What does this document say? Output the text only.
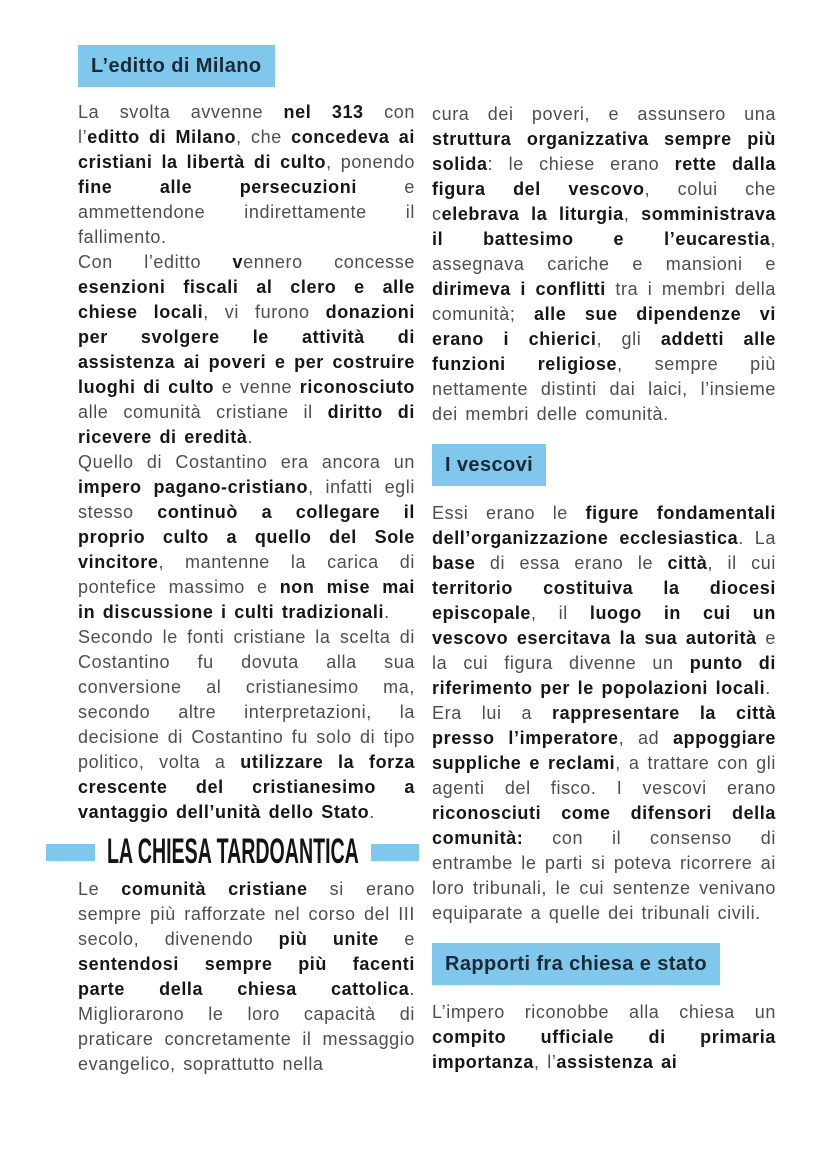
L’editto di Milano

La svolta avvenne nel 313 con l’editto di Milano, che concedeva ai cristiani la libertà di culto, ponendo fine alle persecuzioni e ammettendone indirettamente il fallimento.

Con l’editto vennero concesse esenzioni fiscali al clero e alle chiese locali, vi furono donazioni per svolgere le attività di assistenza ai poveri e per costruire luoghi di culto e venne riconosciuto alle comunità cristiane il diritto di ricevere di eredità.

Quello di Costantino era ancora un impero pagano-cristiano, infatti egli stesso continuò a collegare il proprio culto a quello del Sole vincitore, mantenne la carica di pontefice massimo e non mise mai in discussione i culti tradizionali.

Secondo le fonti cristiane la scelta di Costantino fu dovuta alla sua conversione al cristianesimo ma, secondo altre interpretazioni, la decisione di Costantino fu solo di tipo politico, volta a utilizzare la forza crescente del cristianesimo a vantaggio dell’unità dello Stato.

LA CHIESA TARDOANTICA

Le comunità cristiane si erano sempre più rafforzate nel corso del III secolo, divenendo più unite e sentendosi sempre più facenti parte della chiesa cattolica. Migliorarono le loro capacità di praticare concretamente il messaggio evangelico, soprattutto nella

cura dei poveri, e assunsero una struttura organizzativa sempre più solida: le chiese erano rette dalla figura del vescovo, colui che celebrava la liturgia, somministrava il battesimo e l’eucarestia, assegnava cariche e mansioni e dirimeva i conflitti tra i membri della comunità; alle sue dipendenze vi erano i chierici, gli addetti alle funzioni religiose, sempre più nettamente distinti dai laici, l’insieme dei membri delle comunità.

I vescovi

Essi erano le figure fondamentali dell’organizzazione ecclesiastica. La base di essa erano le città, il cui territorio costituiva la diocesi episcopale, il luogo in cui un vescovo esercitava la sua autorità e la cui figura divenne un punto di riferimento per le popolazioni locali.

Era lui a rappresentare la città presso l’imperatore, ad appoggiare suppliche e reclami, a trattare con gli agenti del fisco. I vescovi erano riconosciuti come difensori della comunità: con il consenso di entrambe le parti si poteva ricorrere ai loro tribunali, le cui sentenze venivano equiparate a quelle dei tribunali civili.

Rapporti fra chiesa e stato

L’impero riconobbe alla chiesa un compito ufficiale di primaria importanza, l’assistenza ai
